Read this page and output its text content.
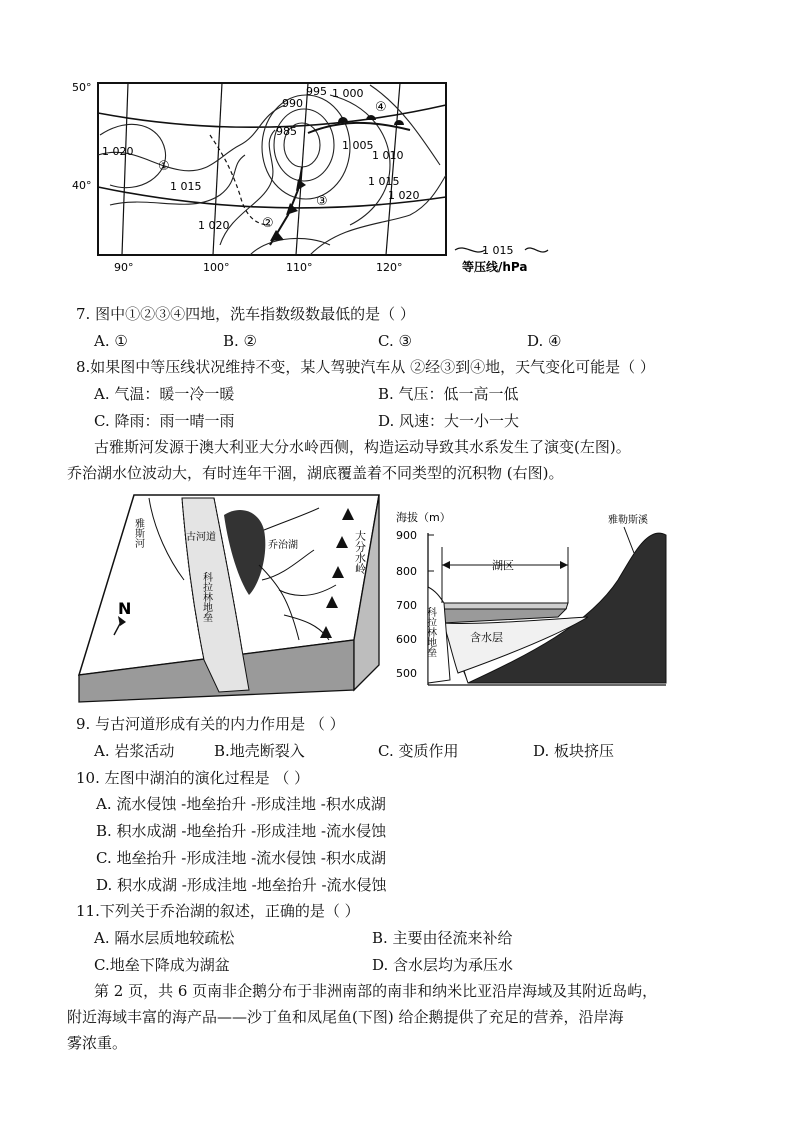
50°
40°
90°	100°	110°	120°
995 1 000
990
985
1 005
1 010
1 020
1 015	1 015
1 020
1 020
①
②
③
④
1 015
等压线/hPa
7. 图中①②③④四地，洗车指数级数最低的是（ ）
A. ①	B. ②	C. ③	D. ④
8.如果图中等压线状况维持不变，某人驾驶汽车从 ②经③到④地，天气变化可能是（ ）
A. 气温：暖一冷一暖	B. 气压：低一高一低
C. 降雨：雨一晴一雨	D. 风速：大一小一大
古雅斯河发源于澳大利亚大分水岭西侧，构造运动导致其水系发生了演变(左图)。
乔治湖水位波动大，有时连年干涸，湖底覆盖着不同类型的沉积物 (右图)。
N
雅斯河	古河道
乔治湖
科拉林地垒
大分水岭
海拔（m）
900
800
700
600
500
湖区
含水层
雅勒斯溪
科拉林地垒
9. 与古河道形成有关的内力作用是 （ ）
A. 岩浆活动	B.地壳断裂入	C. 变质作用	D. 板块挤压
10. 左图中湖泊的演化过程是 （ ）
A. 流水侵蚀 -地垒抬升 -形成洼地 -积水成湖
B. 积水成湖 -地垒抬升 -形成洼地 -流水侵蚀
C. 地垒抬升 -形成洼地 -流水侵蚀 -积水成湖
D. 积水成湖 -形成洼地 -地垒抬升 -流水侵蚀
11.下列关于乔治湖的叙述，正确的是（ ）
A. 隔水层质地较疏松	B. 主要由径流来补给
C.地垒下降成为湖盆	D. 含水层均为承压水
第 2 页，共 6 页南非企鹅分布于非洲南部的南非和纳米比亚沿岸海域及其附近岛屿，
附近海域丰富的海产品——沙丁鱼和凤尾鱼(下图) 给企鹅提供了充足的营养，沿岸海
雾浓重。
